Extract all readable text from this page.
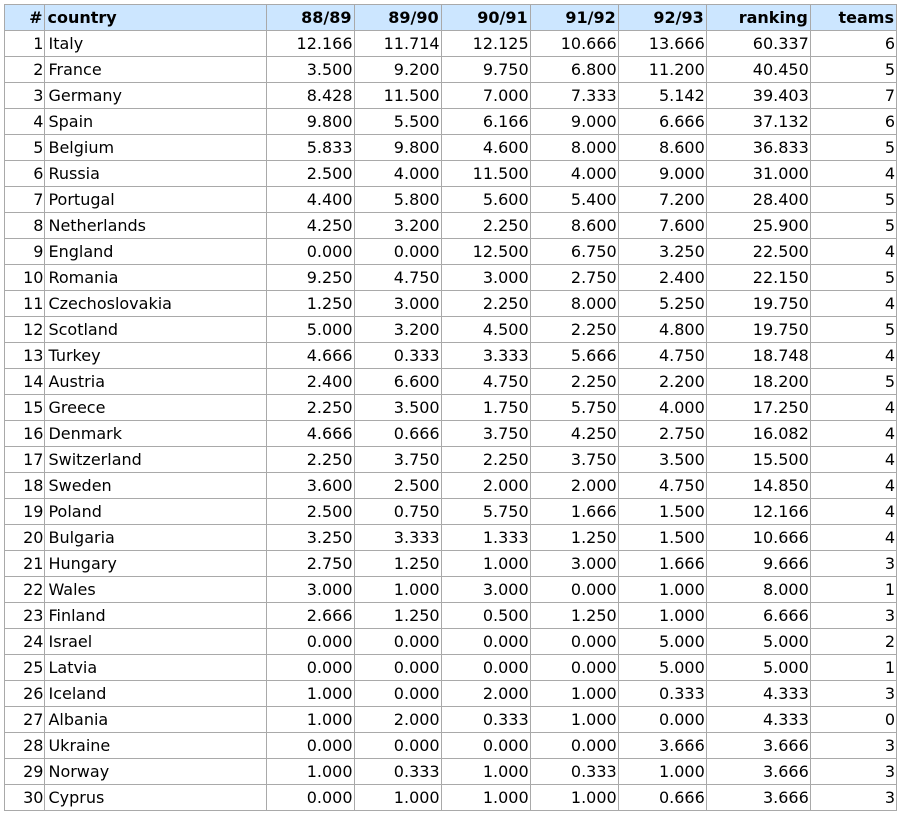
#	country	88/89	89/90	90/91	91/92	92/93	ranking	teams
1	Italy	12.166	11.714	12.125	10.666	13.666	60.337	6
2	France	3.500	9.200	9.750	6.800	11.200	40.450	5
3	Germany	8.428	11.500	7.000	7.333	5.142	39.403	7
4	Spain	9.800	5.500	6.166	9.000	6.666	37.132	6
5	Belgium	5.833	9.800	4.600	8.000	8.600	36.833	5
6	Russia	2.500	4.000	11.500	4.000	9.000	31.000	4
7	Portugal	4.400	5.800	5.600	5.400	7.200	28.400	5
8	Netherlands	4.250	3.200	2.250	8.600	7.600	25.900	5
9	England	0.000	0.000	12.500	6.750	3.250	22.500	4
10	Romania	9.250	4.750	3.000	2.750	2.400	22.150	5
11	Czechoslovakia	1.250	3.000	2.250	8.000	5.250	19.750	4
12	Scotland	5.000	3.200	4.500	2.250	4.800	19.750	5
13	Turkey	4.666	0.333	3.333	5.666	4.750	18.748	4
14	Austria	2.400	6.600	4.750	2.250	2.200	18.200	5
15	Greece	2.250	3.500	1.750	5.750	4.000	17.250	4
16	Denmark	4.666	0.666	3.750	4.250	2.750	16.082	4
17	Switzerland	2.250	3.750	2.250	3.750	3.500	15.500	4
18	Sweden	3.600	2.500	2.000	2.000	4.750	14.850	4
19	Poland	2.500	0.750	5.750	1.666	1.500	12.166	4
20	Bulgaria	3.250	3.333	1.333	1.250	1.500	10.666	4
21	Hungary	2.750	1.250	1.000	3.000	1.666	9.666	3
22	Wales	3.000	1.000	3.000	0.000	1.000	8.000	1
23	Finland	2.666	1.250	0.500	1.250	1.000	6.666	3
24	Israel	0.000	0.000	0.000	0.000	5.000	5.000	2
25	Latvia	0.000	0.000	0.000	0.000	5.000	5.000	1
26	Iceland	1.000	0.000	2.000	1.000	0.333	4.333	3
27	Albania	1.000	2.000	0.333	1.000	0.000	4.333	0
28	Ukraine	0.000	0.000	0.000	0.000	3.666	3.666	3
29	Norway	1.000	0.333	1.000	0.333	1.000	3.666	3
30	Cyprus	0.000	1.000	1.000	1.000	0.666	3.666	3
